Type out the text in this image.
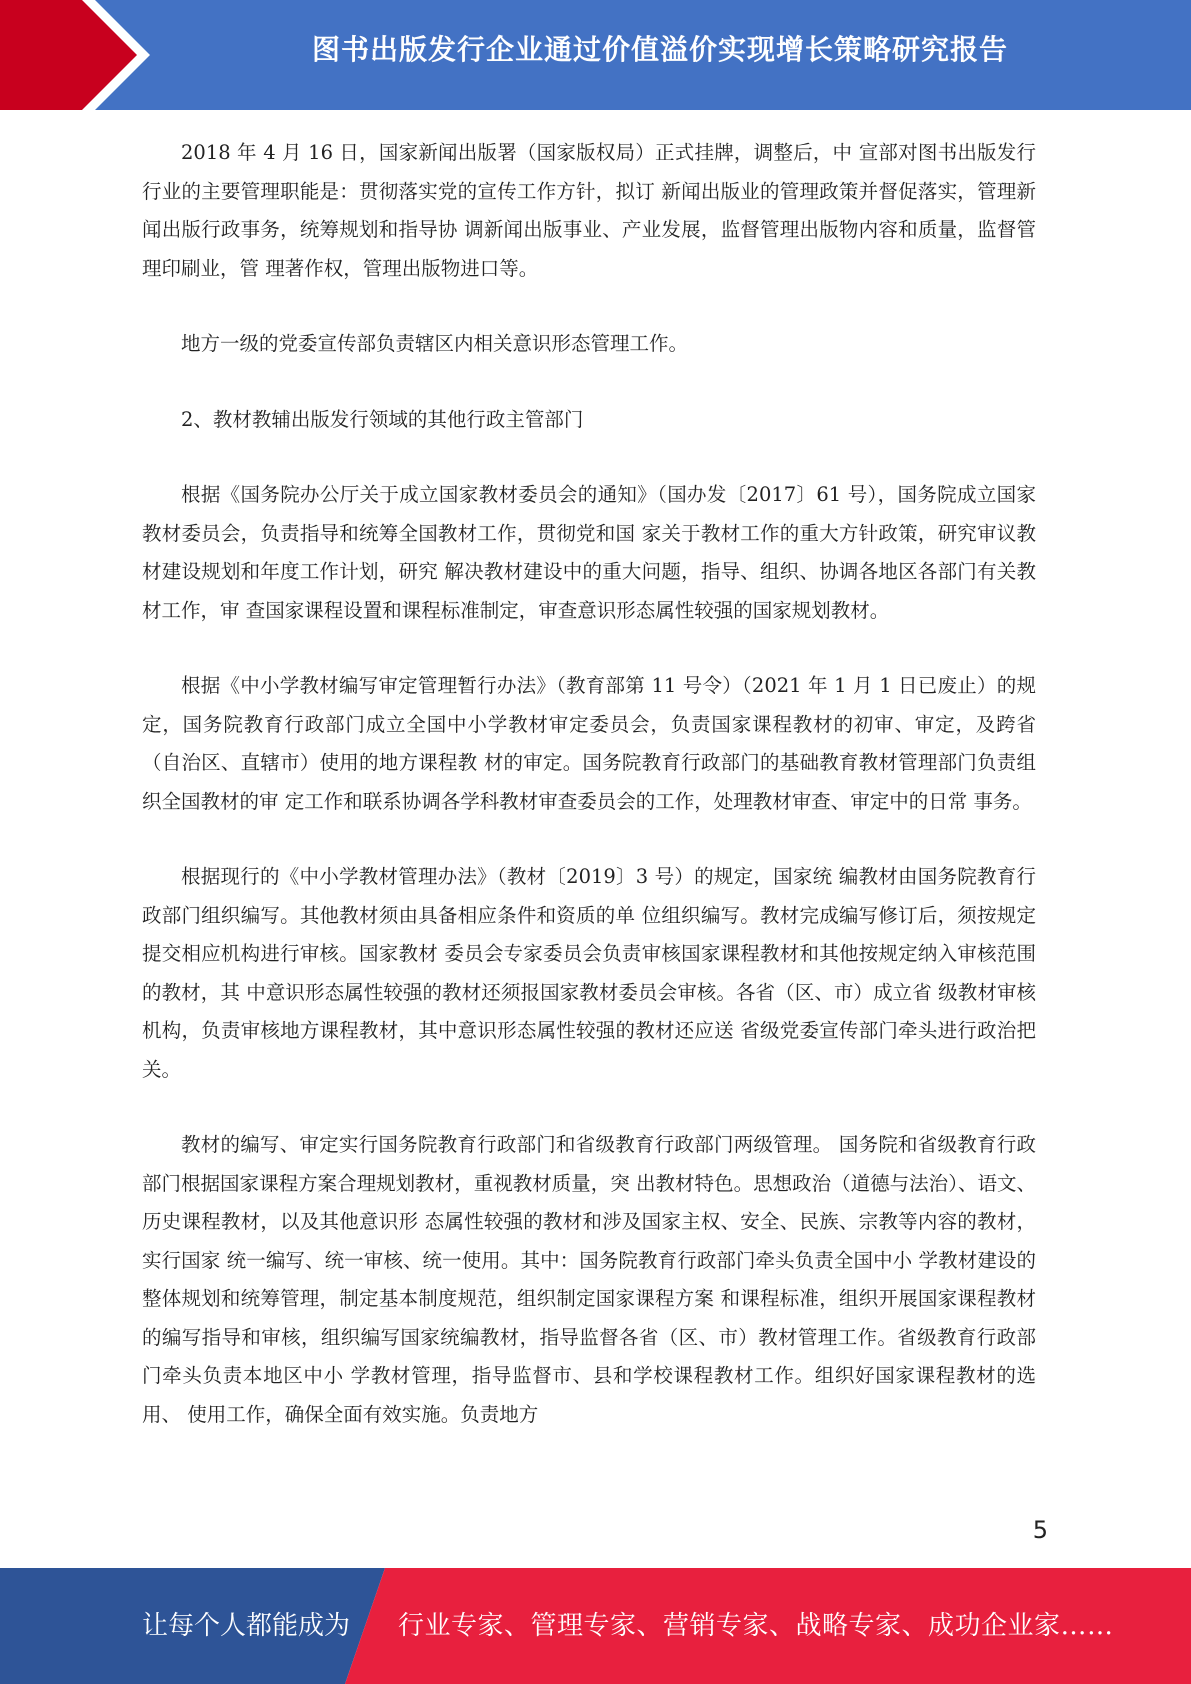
图书出版发行企业通过价值溢价实现增长策略研究报告

2018 年 4 月 16 日，国家新闻出版署（国家版权局）正式挂牌，调整后，中 宣部对图书出版发行行业的主要管理职能是：贯彻落实党的宣传工作方针，拟订 新闻出版业的管理政策并督促落实，管理新闻出版行政事务，统筹规划和指导协 调新闻出版事业、产业发展，监督管理出版物内容和质量，监督管理印刷业，管 理著作权，管理出版物进口等。

地方一级的党委宣传部负责辖区内相关意识形态管理工作。

2、教材教辅出版发行领域的其他行政主管部门

根据《国务院办公厅关于成立国家教材委员会的通知》（国办发〔2017〕61 号），国务院成立国家教材委员会，负责指导和统筹全国教材工作，贯彻党和国 家关于教材工作的重大方针政策，研究审议教材建设规划和年度工作计划，研究 解决教材建设中的重大问题，指导、组织、协调各地区各部门有关教材工作，审 查国家课程设置和课程标准制定，审查意识形态属性较强的国家规划教材。

根据《中小学教材编写审定管理暂行办法》（教育部第 11 号令）（2021 年 1 月 1 日已废止）的规定，国务院教育行政部门成立全国中小学教材审定委员会，负责国家课程教材的初审、审定，及跨省（自治区、直辖市）使用的地方课程教 材的审定。国务院教育行政部门的基础教育教材管理部门负责组织全国教材的审 定工作和联系协调各学科教材审查委员会的工作，处理教材审查、审定中的日常 事务。

根据现行的《中小学教材管理办法》（教材〔2019〕3 号）的规定，国家统 编教材由国务院教育行政部门组织编写。其他教材须由具备相应条件和资质的单 位组织编写。教材完成编写修订后，须按规定提交相应机构进行审核。国家教材 委员会专家委员会负责审核国家课程教材和其他按规定纳入审核范围的教材，其 中意识形态属性较强的教材还须报国家教材委员会审核。各省（区、市）成立省 级教材审核机构，负责审核地方课程教材，其中意识形态属性较强的教材还应送 省级党委宣传部门牵头进行政治把关。

教材的编写、审定实行国务院教育行政部门和省级教育行政部门两级管理。 国务院和省级教育行政部门根据国家课程方案合理规划教材，重视教材质量，突 出教材特色。思想政治（道德与法治）、语文、历史课程教材，以及其他意识形 态属性较强的教材和涉及国家主权、安全、民族、宗教等内容的教材，实行国家 统一编写、统一审核、统一使用。其中：国务院教育行政部门牵头负责全国中小 学教材建设的整体规划和统筹管理，制定基本制度规范，组织制定国家课程方案 和课程标准，组织开展国家课程教材的编写指导和审核，组织编写国家统编教材，指导监督各省（区、市）教材管理工作。省级教育行政部门牵头负责本地区中小 学教材管理，指导监督市、县和学校课程教材工作。组织好国家课程教材的选用、 使用工作，确保全面有效实施。负责地方

5
让每个人都能成为 行业专家、管理专家、营销专家、战略专家、成功企业家……
